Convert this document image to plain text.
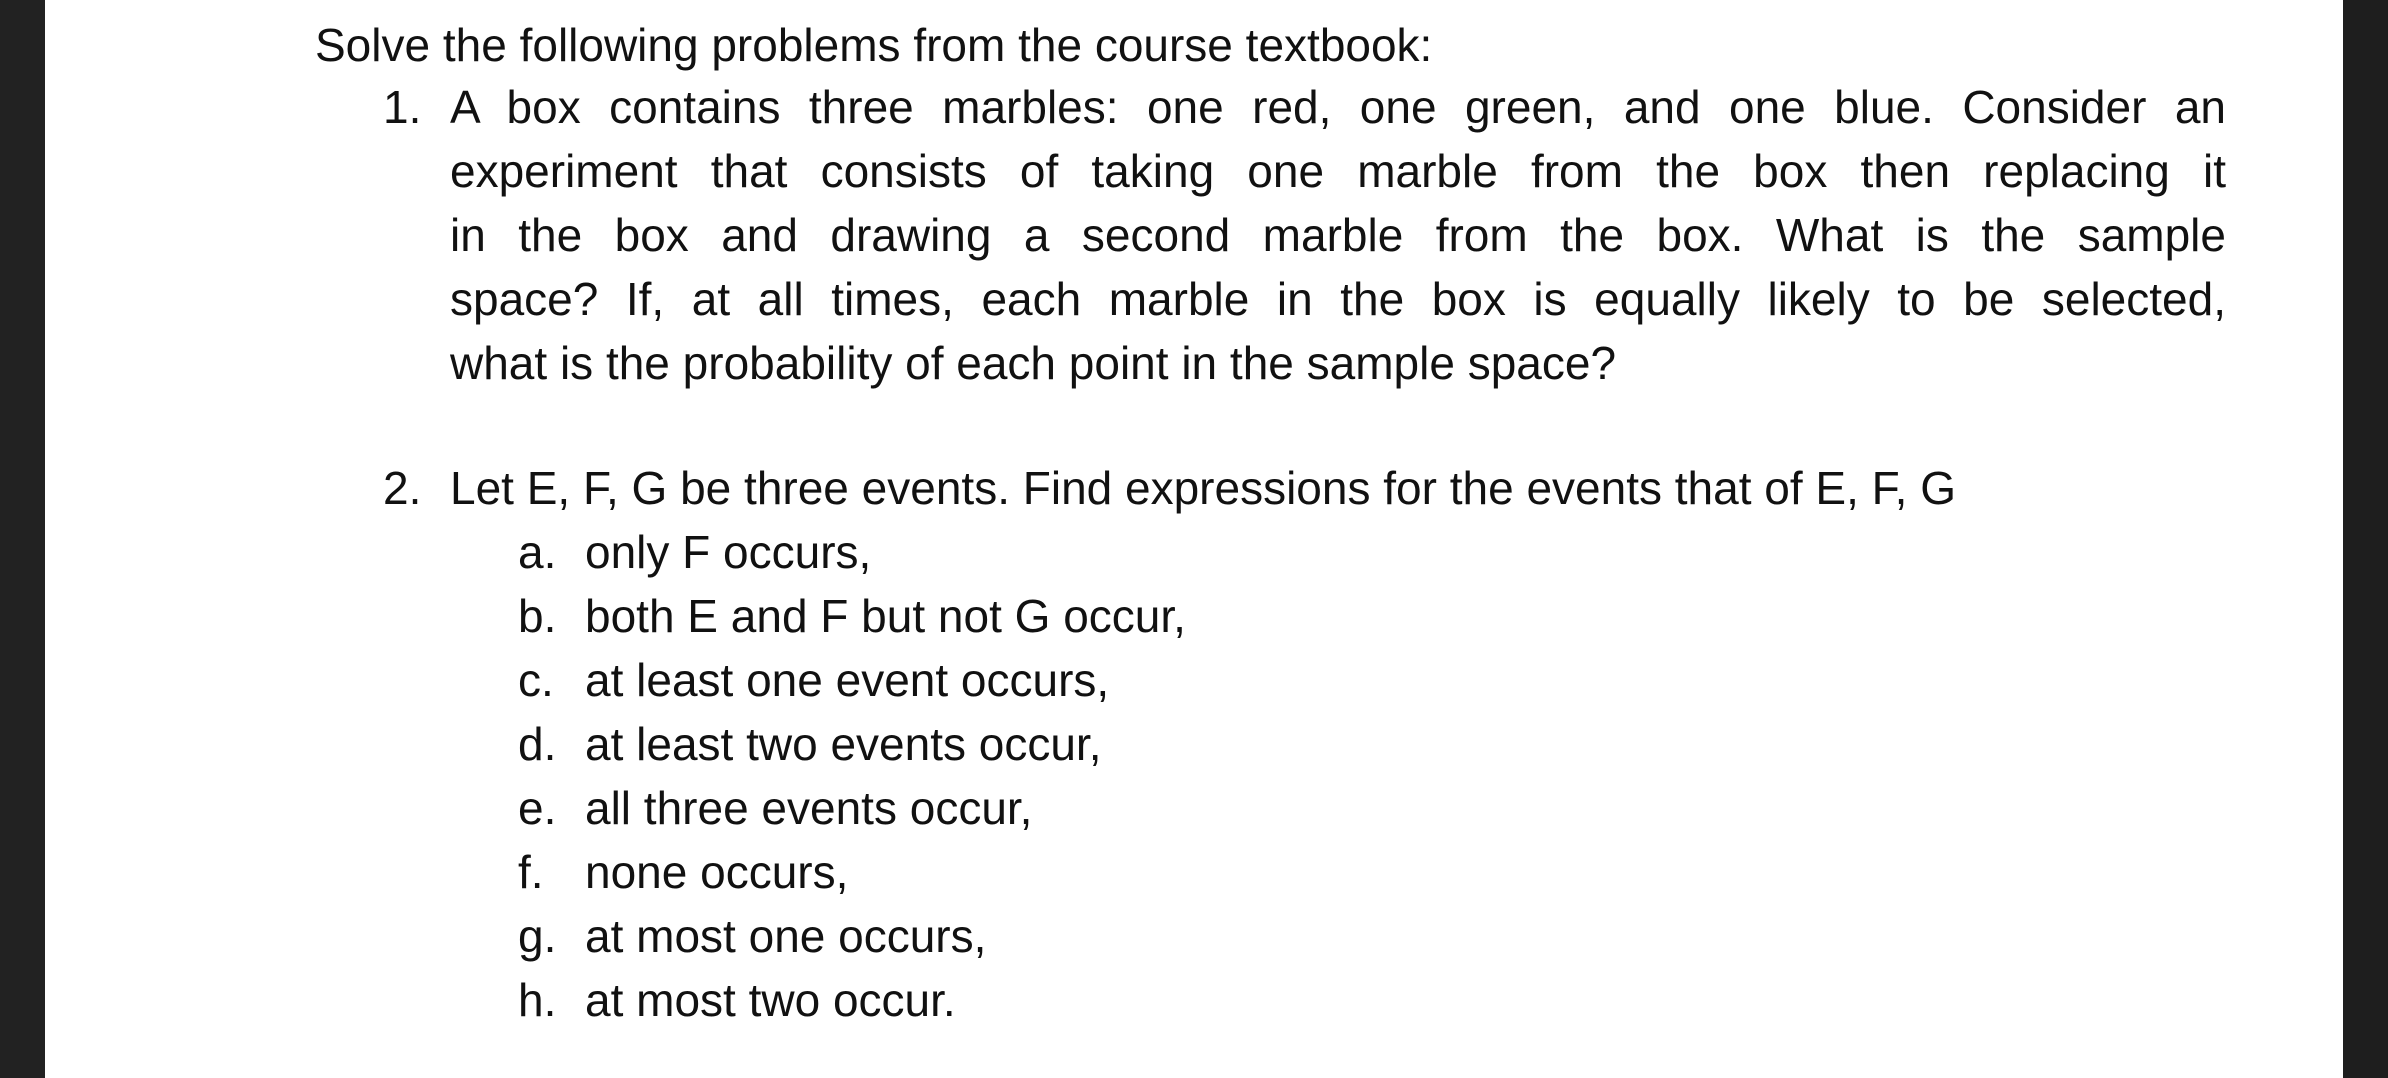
Solve the following problems from the course textbook:
1. A box contains three marbles: one red, one green, and one blue. Consider an
experiment that consists of taking one marble from the box then replacing it
in the box and drawing a second marble from the box. What is the sample
space? If, at all times, each marble in the box is equally likely to be selected,
what is the probability of each point in the sample space?
2. Let E, F, G be three events. Find expressions for the events that of E, F, G
a. only F occurs,
b. both E and F but not G occur,
c. at least one event occurs,
d. at least two events occur,
e. all three events occur,
f. none occurs,
g. at most one occurs,
h. at most two occur.
